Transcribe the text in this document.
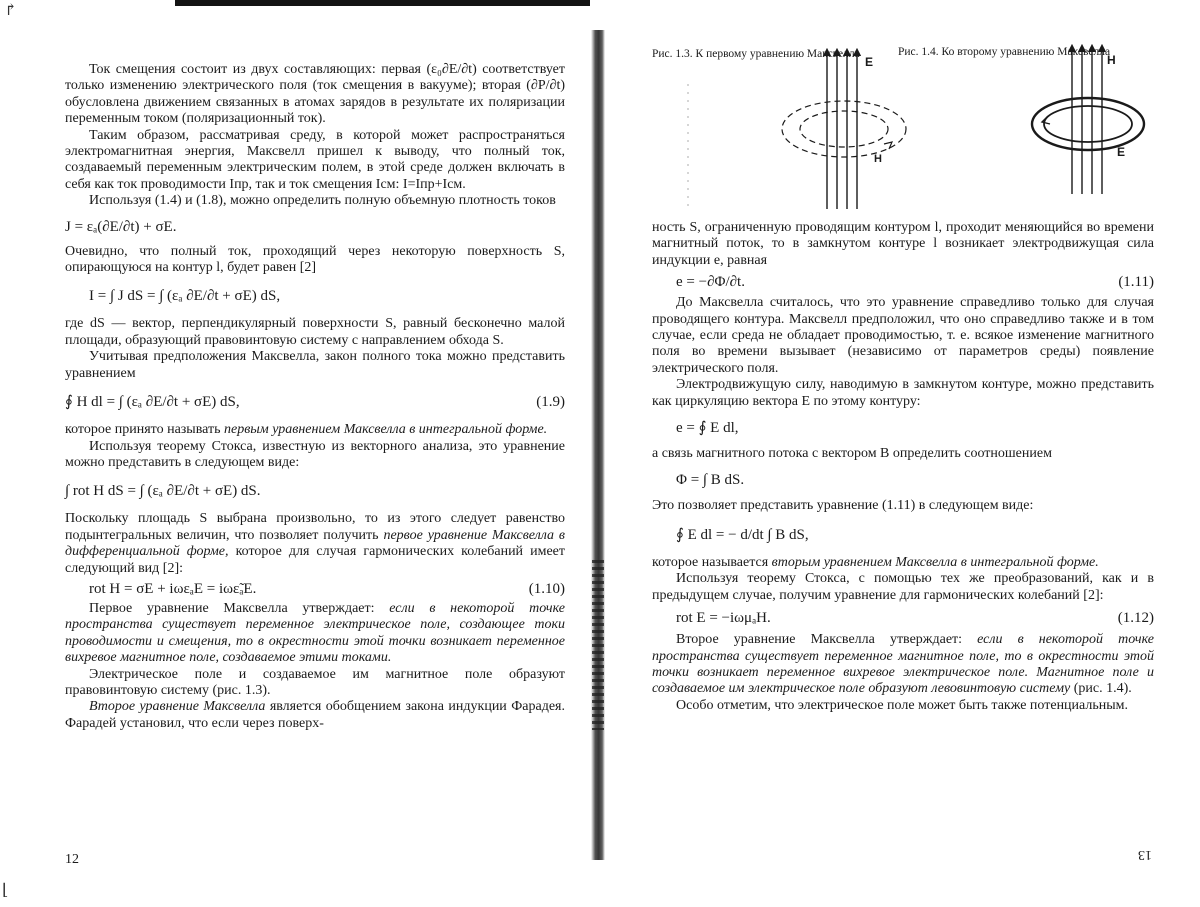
↱
⌊

Ток смещения состоит из двух составляющих: первая (ε₀∂E/∂t) соответствует только изменению электрического поля (ток смещения в вакууме); вторая (∂P/∂t) обусловлена движением связанных в атомах зарядов в результате их поляризации переменным током (поляризационный ток).

Таким образом, рассматривая среду, в которой может распространяться электромагнитная энергия, Максвелл пришел к выводу, что полный ток, создаваемый переменным электрическим полем, в этой среде должен включать в себя как ток проводимости Iпр, так и ток смещения Iсм: I=Iпр+Iсм.

Используя (1.4) и (1.8), можно определить полную объемную плотность токов

J = εₐ(∂E/∂t) + σE.

Очевидно, что полный ток, проходящий через некоторую поверхность S, опирающуюся на контур l, будет равен [2]

I = ∫ J dS = ∫ (εₐ ∂E/∂t + σE) dS,

где dS — вектор, перпендикулярный поверхности S, равный бесконечно малой площади, образующий правовинтовую систему с направлением обхода S.

Учитывая предположения Максвелла, закон полного тока можно представить уравнением

∮ H dl = ∫ (εₐ ∂E/∂t + σE) dS,	(1.9)

которое принято называть первым уравнением Максвелла в интегральной форме.

Используя теорему Стокса, известную из векторного анализа, это уравнение можно представить в следующем виде:

∫ rot H dS = ∫ (εₐ ∂E/∂t + σE) dS.

Поскольку площадь S выбрана произвольно, то из этого следует равенство подынтегральных величин, что позволяет получить первое уравнение Максвелла в дифференциальной форме, которое для случая гармонических колебаний имеет следующий вид [2]:

rot H = σE + iωεₐE = iωε̃ₐE.	(1.10)

Первое уравнение Максвелла утверждает: если в некоторой точке пространства существует переменное электрическое поле, создающее токи проводимости и смещения, то в окрестности этой точки возникает переменное вихревое магнитное поле, создаваемое этими токами.

Электрическое поле и создаваемое им магнитное поле образуют правовинтовую систему (рис. 1.3).

Второе уравнение Максвелла является обобщением закона индукции Фарадея. Фарадей установил, что если через поверх-

12
Рис. 1.3. К первому уравнению Максвелла	Рис. 1.4. Ко второму уравнению Максвелла
E
H
H
E

ность S, ограниченную проводящим контуром l, проходит меняющийся во времени магнитный поток, то в замкнутом контуре l возникает электродвижущая сила индукции e, равная

e = −∂Φ/∂t.	(1.11)

До Максвелла считалось, что это уравнение справедливо только для случая проводящего контура. Максвелл предположил, что оно справедливо также и в том случае, если среда не обладает проводимостью, т. е. всякое изменение магнитного поля во времени вызывает (независимо от параметров среды) появление электрического поля.

Электродвижущую силу, наводимую в замкнутом контуре, можно представить как циркуляцию вектора E по этому контуру:

e = ∮ E dl,

а связь магнитного потока с вектором B определить соотношением

Φ = ∫ B dS.

Это позволяет представить уравнение (1.11) в следующем виде:

∮ E dl = − d/dt ∫ B dS,

которое называется вторым уравнением Максвелла в интегральной форме.

Используя теорему Стокса, с помощью тех же преобразований, как и в предыдущем случае, получим уравнение для гармонических колебаний [2]:

rot E = −iωμₐH.	(1.12)

Второе уравнение Максвелла утверждает: если в некоторой точке пространства существует переменное магнитное поле, то в окрестности этой точки возникает переменное вихревое электрическое поле. Магнитное поле и создаваемое им электрическое поле образуют левовинтовую систему (рис. 1.4).

Особо отметим, что электрическое поле может быть также потенциальным.

13
